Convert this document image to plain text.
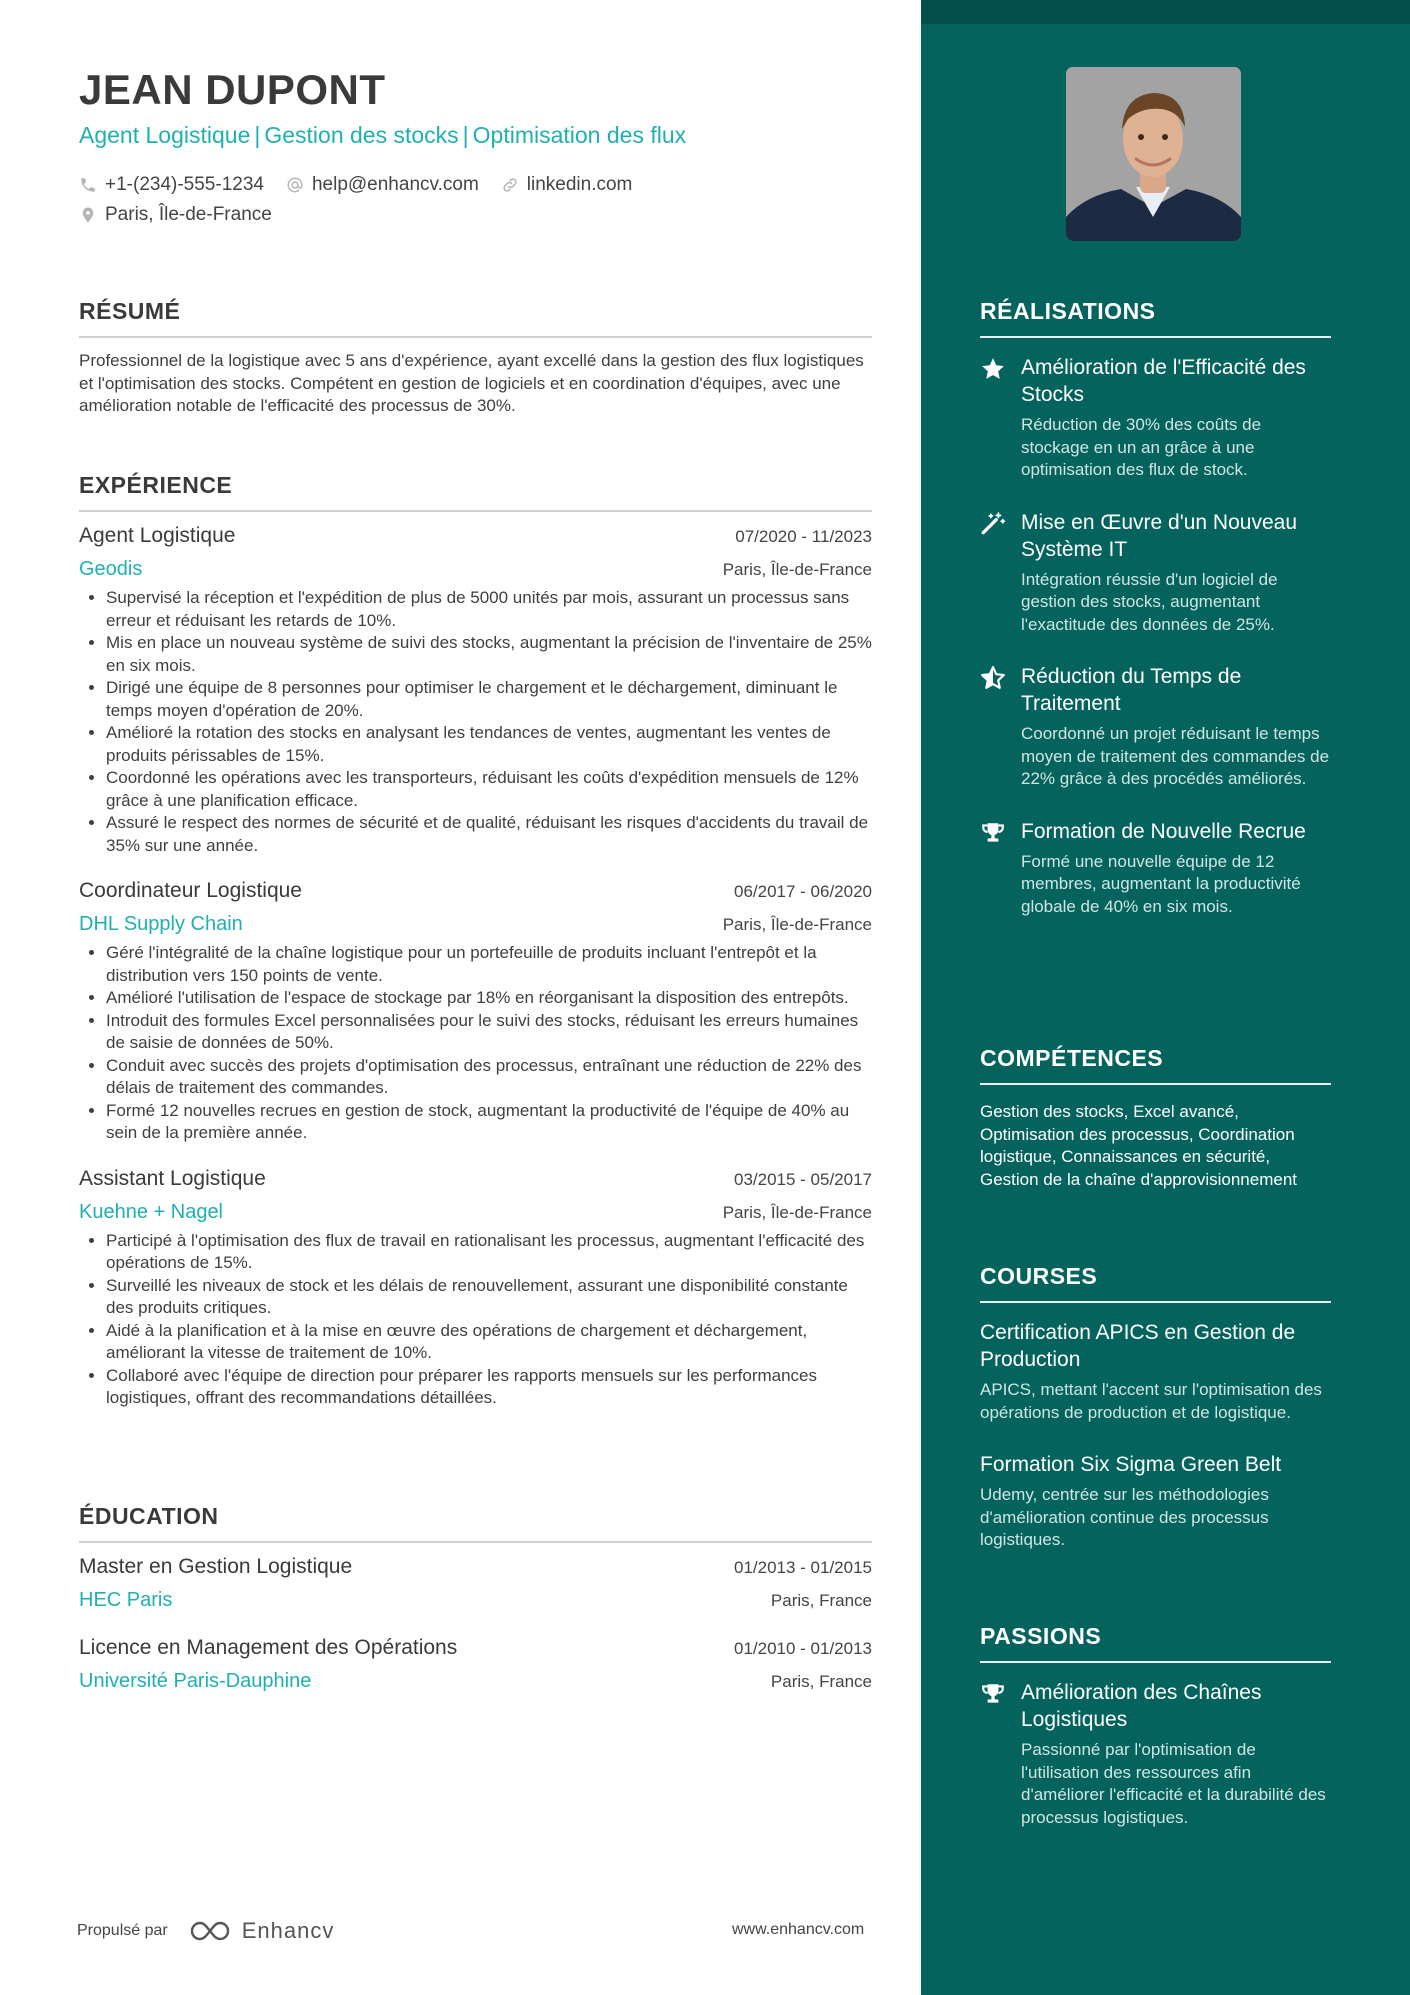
JEAN DUPONT
Agent Logistique | Gestion des stocks | Optimisation des flux
+1-(234)-555-1234	help@enhancv.com	linkedin.com
Paris, Île-de-France
RÉSUMÉ

Professionnel de la logistique avec 5 ans d'expérience, ayant excellé dans la gestion des flux logistiques et l'optimisation des stocks. Compétent en gestion de logiciels et en coordination d'équipes, avec une amélioration notable de l'efficacité des processus de 30%.

EXPÉRIENCE
Agent Logistique	07/2020 - 11/2023
Geodis	Paris, Île-de-France
• Supervisé la réception et l'expédition de plus de 5000 unités par mois, assurant un processus sans erreur et réduisant les retards de 10%.
• Mis en place un nouveau système de suivi des stocks, augmentant la précision de l'inventaire de 25% en six mois.
• Dirigé une équipe de 8 personnes pour optimiser le chargement et le déchargement, diminuant le temps moyen d'opération de 20%.
• Amélioré la rotation des stocks en analysant les tendances de ventes, augmentant les ventes de produits périssables de 15%.
• Coordonné les opérations avec les transporteurs, réduisant les coûts d'expédition mensuels de 12% grâce à une planification efficace.
• Assuré le respect des normes de sécurité et de qualité, réduisant les risques d'accidents du travail de 35% sur une année.
Coordinateur Logistique	06/2017 - 06/2020
DHL Supply Chain	Paris, Île-de-France
• Géré l'intégralité de la chaîne logistique pour un portefeuille de produits incluant l'entrepôt et la distribution vers 150 points de vente.
• Amélioré l'utilisation de l'espace de stockage par 18% en réorganisant la disposition des entrepôts.
• Introduit des formules Excel personnalisées pour le suivi des stocks, réduisant les erreurs humaines de saisie de données de 50%.
• Conduit avec succès des projets d'optimisation des processus, entraînant une réduction de 22% des délais de traitement des commandes.
• Formé 12 nouvelles recrues en gestion de stock, augmentant la productivité de l'équipe de 40% au sein de la première année.
Assistant Logistique	03/2015 - 05/2017
Kuehne + Nagel	Paris, Île-de-France
• Participé à l'optimisation des flux de travail en rationalisant les processus, augmentant l'efficacité des opérations de 15%.
• Surveillé les niveaux de stock et les délais de renouvellement, assurant une disponibilité constante des produits critiques.
• Aidé à la planification et à la mise en œuvre des opérations de chargement et déchargement, améliorant la vitesse de traitement de 10%.
• Collaboré avec l'équipe de direction pour préparer les rapports mensuels sur les performances logistiques, offrant des recommandations détaillées.
ÉDUCATION
Master en Gestion Logistique	01/2013 - 01/2015
HEC Paris	Paris, France
Licence en Management des Opérations	01/2010 - 01/2013
Université Paris-Dauphine	Paris, France
Propulsé par	Enhancv	www.enhancv.com
RÉALISATIONS
Amélioration de l'Efficacité des Stocks
Réduction de 30% des coûts de stockage en un an grâce à une optimisation des flux de stock.
Mise en Œuvre d'un Nouveau Système IT
Intégration réussie d'un logiciel de gestion des stocks, augmentant l'exactitude des données de 25%.
Réduction du Temps de Traitement
Coordonné un projet réduisant le temps moyen de traitement des commandes de 22% grâce à des procédés améliorés.
Formation de Nouvelle Recrue
Formé une nouvelle équipe de 12 membres, augmentant la productivité globale de 40% en six mois.
COMPÉTENCES

Gestion des stocks, Excel avancé, Optimisation des processus, Coordination logistique, Connaissances en sécurité, Gestion de la chaîne d'approvisionnement

COURSES
Certification APICS en Gestion de Production
APICS, mettant l'accent sur l'optimisation des opérations de production et de logistique.
Formation Six Sigma Green Belt
Udemy, centrée sur les méthodologies d'amélioration continue des processus logistiques.
PASSIONS
Amélioration des Chaînes Logistiques
Passionné par l'optimisation de l'utilisation des ressources afin d'améliorer l'efficacité et la durabilité des processus logistiques.
